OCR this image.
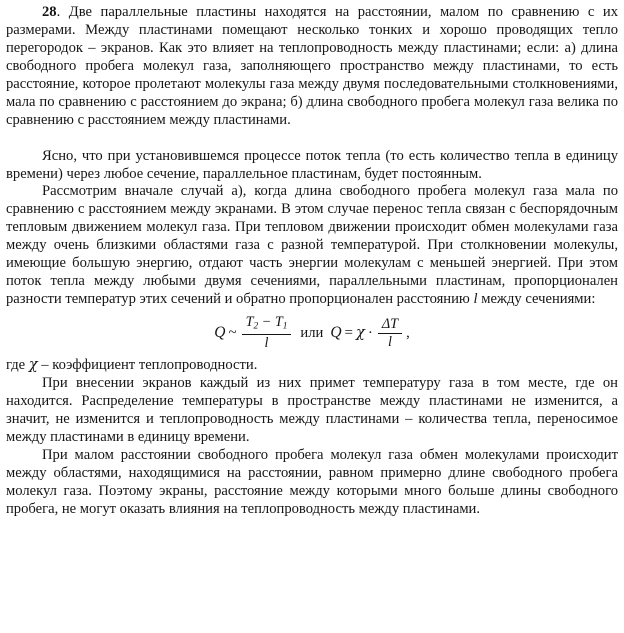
28. Две параллельные пластины находятся на расстоянии, малом по сравнению с их размерами. Между пластинами помещают несколько тонких и хорошо проводящих тепло перегородок – экранов. Как это влияет на теплопроводность между пластинами; если: а) длина свободного пробега молекул газа, заполняющего пространство между пластинами, то есть расстояние, которое пролетают молекулы газа между двумя последовательными столкновениями, мала по сравнению с расстоянием до экрана; б) длина свободного пробега молекул газа велика по сравнению с расстоянием между пластинами.

Ясно, что при установившемся процессе поток тепла (то есть количество тепла в единицу времени) через любое сечение, параллельное пластинам, будет постоянным.

Рассмотрим вначале случай а), когда длина свободного пробега молекул газа мала по сравнению с расстоянием между экранами. В этом случае перенос тепла связан с беспорядочным тепловым движением молекул газа. При тепловом движении происходит обмен молекулами газа между очень близкими областями газа с разной температурой. При столкновении молекулы, имеющие большую энергию, отдают часть энергии молекулам с меньшей энергией. При этом поток тепла между любыми двумя сечениями, параллельными пластинам, пропорционален разности температур этих сечений и обратно пропорционален расстоянию l между сечениями:

Q ~ $\frac{T_2 - T_1}{l}$ или $Q = \chi \cdot \frac{\Delta T}{l}$ ,

где χ – коэффициент теплопроводности.

При внесении экранов каждый из них примет температуру газа в том месте, где он находится. Распределение температуры в пространстве между пластинами не изменится, а значит, не изменится и теплопроводность между пластинами – количества тепла, переносимое между пластинами в единицу времени.

При малом расстоянии свободного пробега молекул газа обмен молекулами происходит между областями, находящимися на расстоянии, равном примерно длине свободного пробега молекул газа. Поэтому экраны, расстояние между которыми много больше длины свободного пробега, не могут оказать влияния на теплопроводность между пластинами.
